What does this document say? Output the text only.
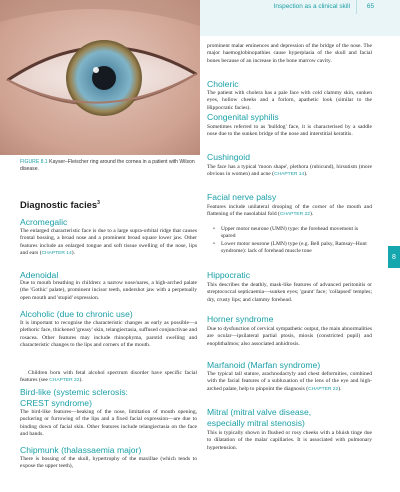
Inspection as a clinical skill	65
8
FIGURE 8.1 Kayser–Fleischer ring around the cornea in a patient with Wilson disease.
Diagnostic facies$^3$
Acromegalic

The enlarged characteristic face is due to a large supra-orbital ridge that causes frontal bossing, a broad nose and a prominent broad square lower jaw. Other features include an enlarged tongue and soft tissue swelling of the nose, lips and ears (CHAPTER 14).

Adenoidal

Due to mouth breathing in children: a narrow nose/nares, a high-arched palate (the 'Gothic' palate), prominent incisor teeth, undershot jaw with a perpetually open mouth and 'stupid' expression.

Alcoholic (due to chronic use)

It is important to recognise the characteristic changes as early as possible—a plethoric face, thickened 'greasy' skin, telangiectasia, suffused conjunctivae and rosacea. Other features may include rhinophyma, parotid swelling and characteristic changes to the lips and corners of the mouth.

Children born with fetal alcohol spectrum disorder have specific facial features (see CHAPTER 22).

Bird-like (systemic sclerosis:
CREST syndrome)

The bird-like features—beaking of the nose, limitation of mouth opening, puckering or furrowing of the lips and a fixed facial expression—are due to binding down of facial skin. Other features include telangiectasia on the face and hands.

Chipmunk (thalassaemia major)

There is bossing of the skull, hypertrophy of the maxillae (which tends to expose the upper teeth),

prominent malar eminences and depression of the bridge of the nose. The major haemoglobinopathies cause hyperplasia of the skull and facial bones because of an increase in the bone marrow cavity.

Choleric

The patient with cholera has a pale face with cold clammy skin, sunken eyes, hollow cheeks and a forlorn, apathetic look (similar to the Hippocratic facies).

Congenital syphilis

Sometimes referred to as 'bulldog' face, it is characterised by a saddle nose due to the sunken bridge of the nose and interstitial keratitis.

Cushingoid

The face has a typical 'moon shape', plethora (rubicund), hirsutism (more obvious in women) and acne (CHAPTER 14).

Facial nerve palsy

Features include unilateral drooping of the corner of the mouth and flattening of the nasolabial fold (CHAPTER 22).

• Upper motor neurone (UMN) type: the forehead movement is spared
• Lower motor neurone (LMN) type (e.g. Bell palsy, Ramsay–Hunt syndrome): lack of forehead muscle tone
Hippocratic

This describes the deathly, mask-like features of advanced peritonitis or streptococcal septicaemia—sunken eyes; 'gaunt' face; 'collapsed' temples; dry, crusty lips; and clammy forehead.

Horner syndrome

Due to dysfunction of cervical sympathetic output, the main abnormalities are ocular—ipsilateral partial ptosis, miosis (constricted pupil) and enophthalmos; also associated anhidrosis.

Marfanoid (Marfan syndrome)

The typical tall stature, arachnodactyly and chest deformities, combined with the facial features of a subluxation of the lens of the eye and high-arched palate, help to pinpoint the diagnosis (CHAPTER 22).

Mitral (mitral valve disease,
especially mitral stenosis)

This is typically shown in flushed or rosy cheeks with a bluish tinge due to dilatation of the malar capillaries. It is associated with pulmonary hypertension.
